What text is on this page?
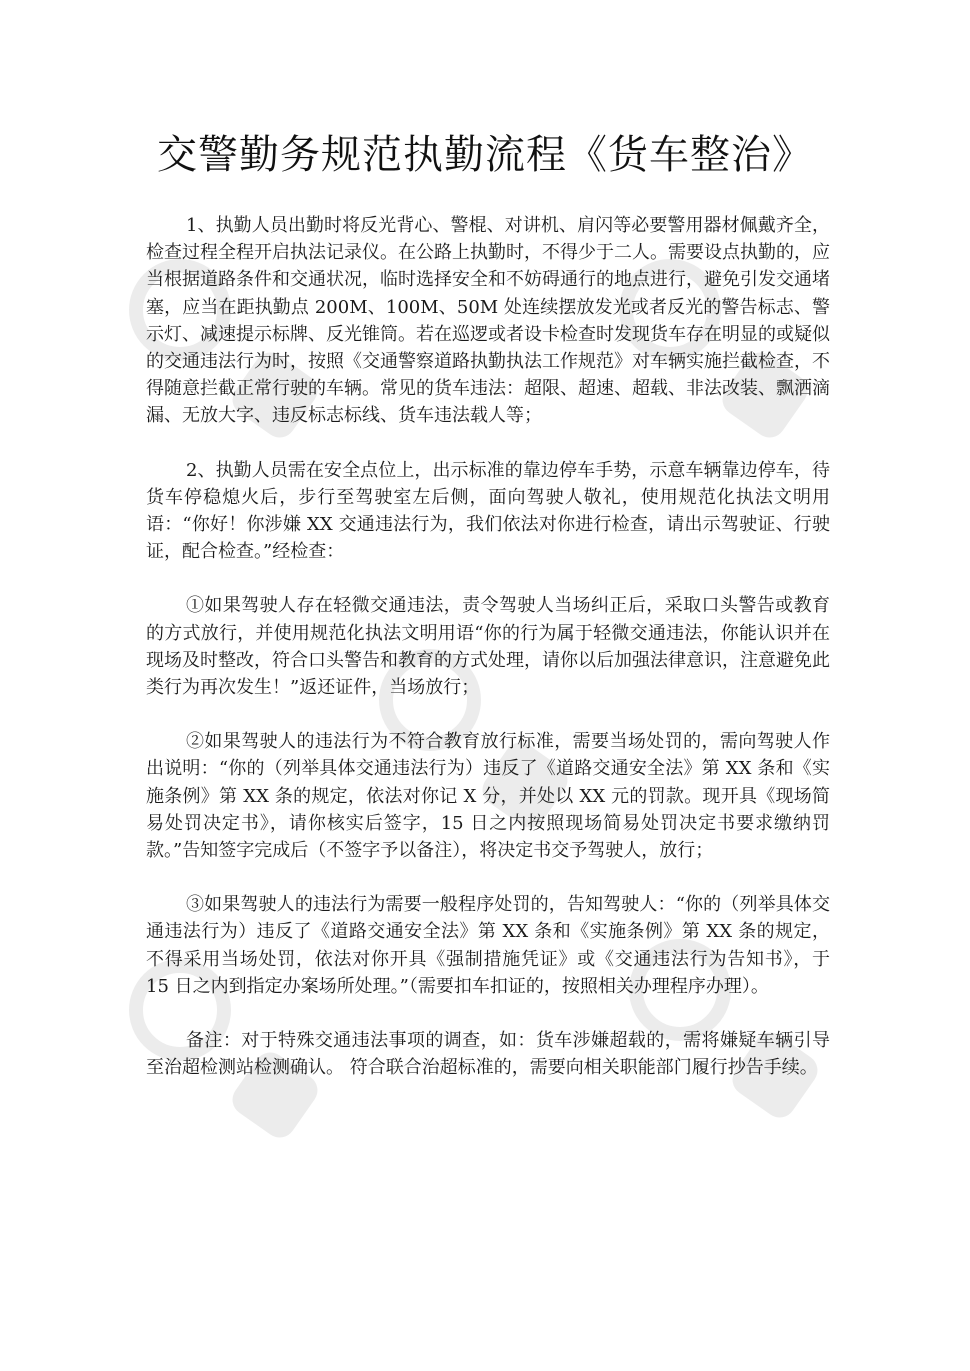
交警勤务规范执勤流程《货车整治》

1、执勤人员出勤时将反光背心、警棍、对讲机、肩闪等必要警用器材佩戴齐全，检查过程全程开启执法记录仪。在公路上执勤时，不得少于二人。需要设点执勤的，应当根据道路条件和交通状况，临时选择安全和不妨碍通行的地点进行，避免引发交通堵塞，应当在距执勤点 200M、100M、50M 处连续摆放发光或者反光的警告标志、警示灯、减速提示标牌、反光锥筒。若在巡逻或者设卡检查时发现货车存在明显的或疑似的交通违法行为时，按照《交通警察道路执勤执法工作规范》对车辆实施拦截检查，不得随意拦截正常行驶的车辆。常见的货车违法：超限、超速、超载、非法改装、飘洒滴漏、无放大字、违反标志标线、货车违法载人等；

2、执勤人员需在安全点位上，出示标准的靠边停车手势，示意车辆靠边停车，待货车停稳熄火后，步行至驾驶室左后侧，面向驾驶人敬礼，使用规范化执法文明用语：“你好！你涉嫌 XX 交通违法行为，我们依法对你进行检查，请出示驾驶证、行驶证，配合检查。”经检查：

①如果驾驶人存在轻微交通违法，责令驾驶人当场纠正后，采取口头警告或教育的方式放行，并使用规范化执法文明用语“你的行为属于轻微交通违法，你能认识并在现场及时整改，符合口头警告和教育的方式处理，请你以后加强法律意识，注意避免此类行为再次发生！”返还证件，当场放行；

②如果驾驶人的违法行为不符合教育放行标准，需要当场处罚的，需向驾驶人作出说明：“你的（列举具体交通违法行为）违反了《道路交通安全法》第 XX 条和《实施条例》第 XX 条的规定，依法对你记 X 分，并处以 XX 元的罚款。现开具《现场简易处罚决定书》，请你核实后签字，15 日之内按照现场简易处罚决定书要求缴纳罚款。”告知签字完成后（不签字予以备注），将决定书交予驾驶人，放行；

③如果驾驶人的违法行为需要一般程序处罚的，告知驾驶人：“你的（列举具体交通违法行为）违反了《道路交通安全法》第 XX 条和《实施条例》第 XX 条的规定，不得采用当场处罚，依法对你开具《强制措施凭证》或《交通违法行为告知书》，于 15 日之内到指定办案场所处理。”（需要扣车扣证的，按照相关办理程序办理）。

备注：对于特殊交通违法事项的调查，如：货车涉嫌超载的，需将嫌疑车辆引导至治超检测站检测确认。 符合联合治超标准的，需要向相关职能部门履行抄告手续。
